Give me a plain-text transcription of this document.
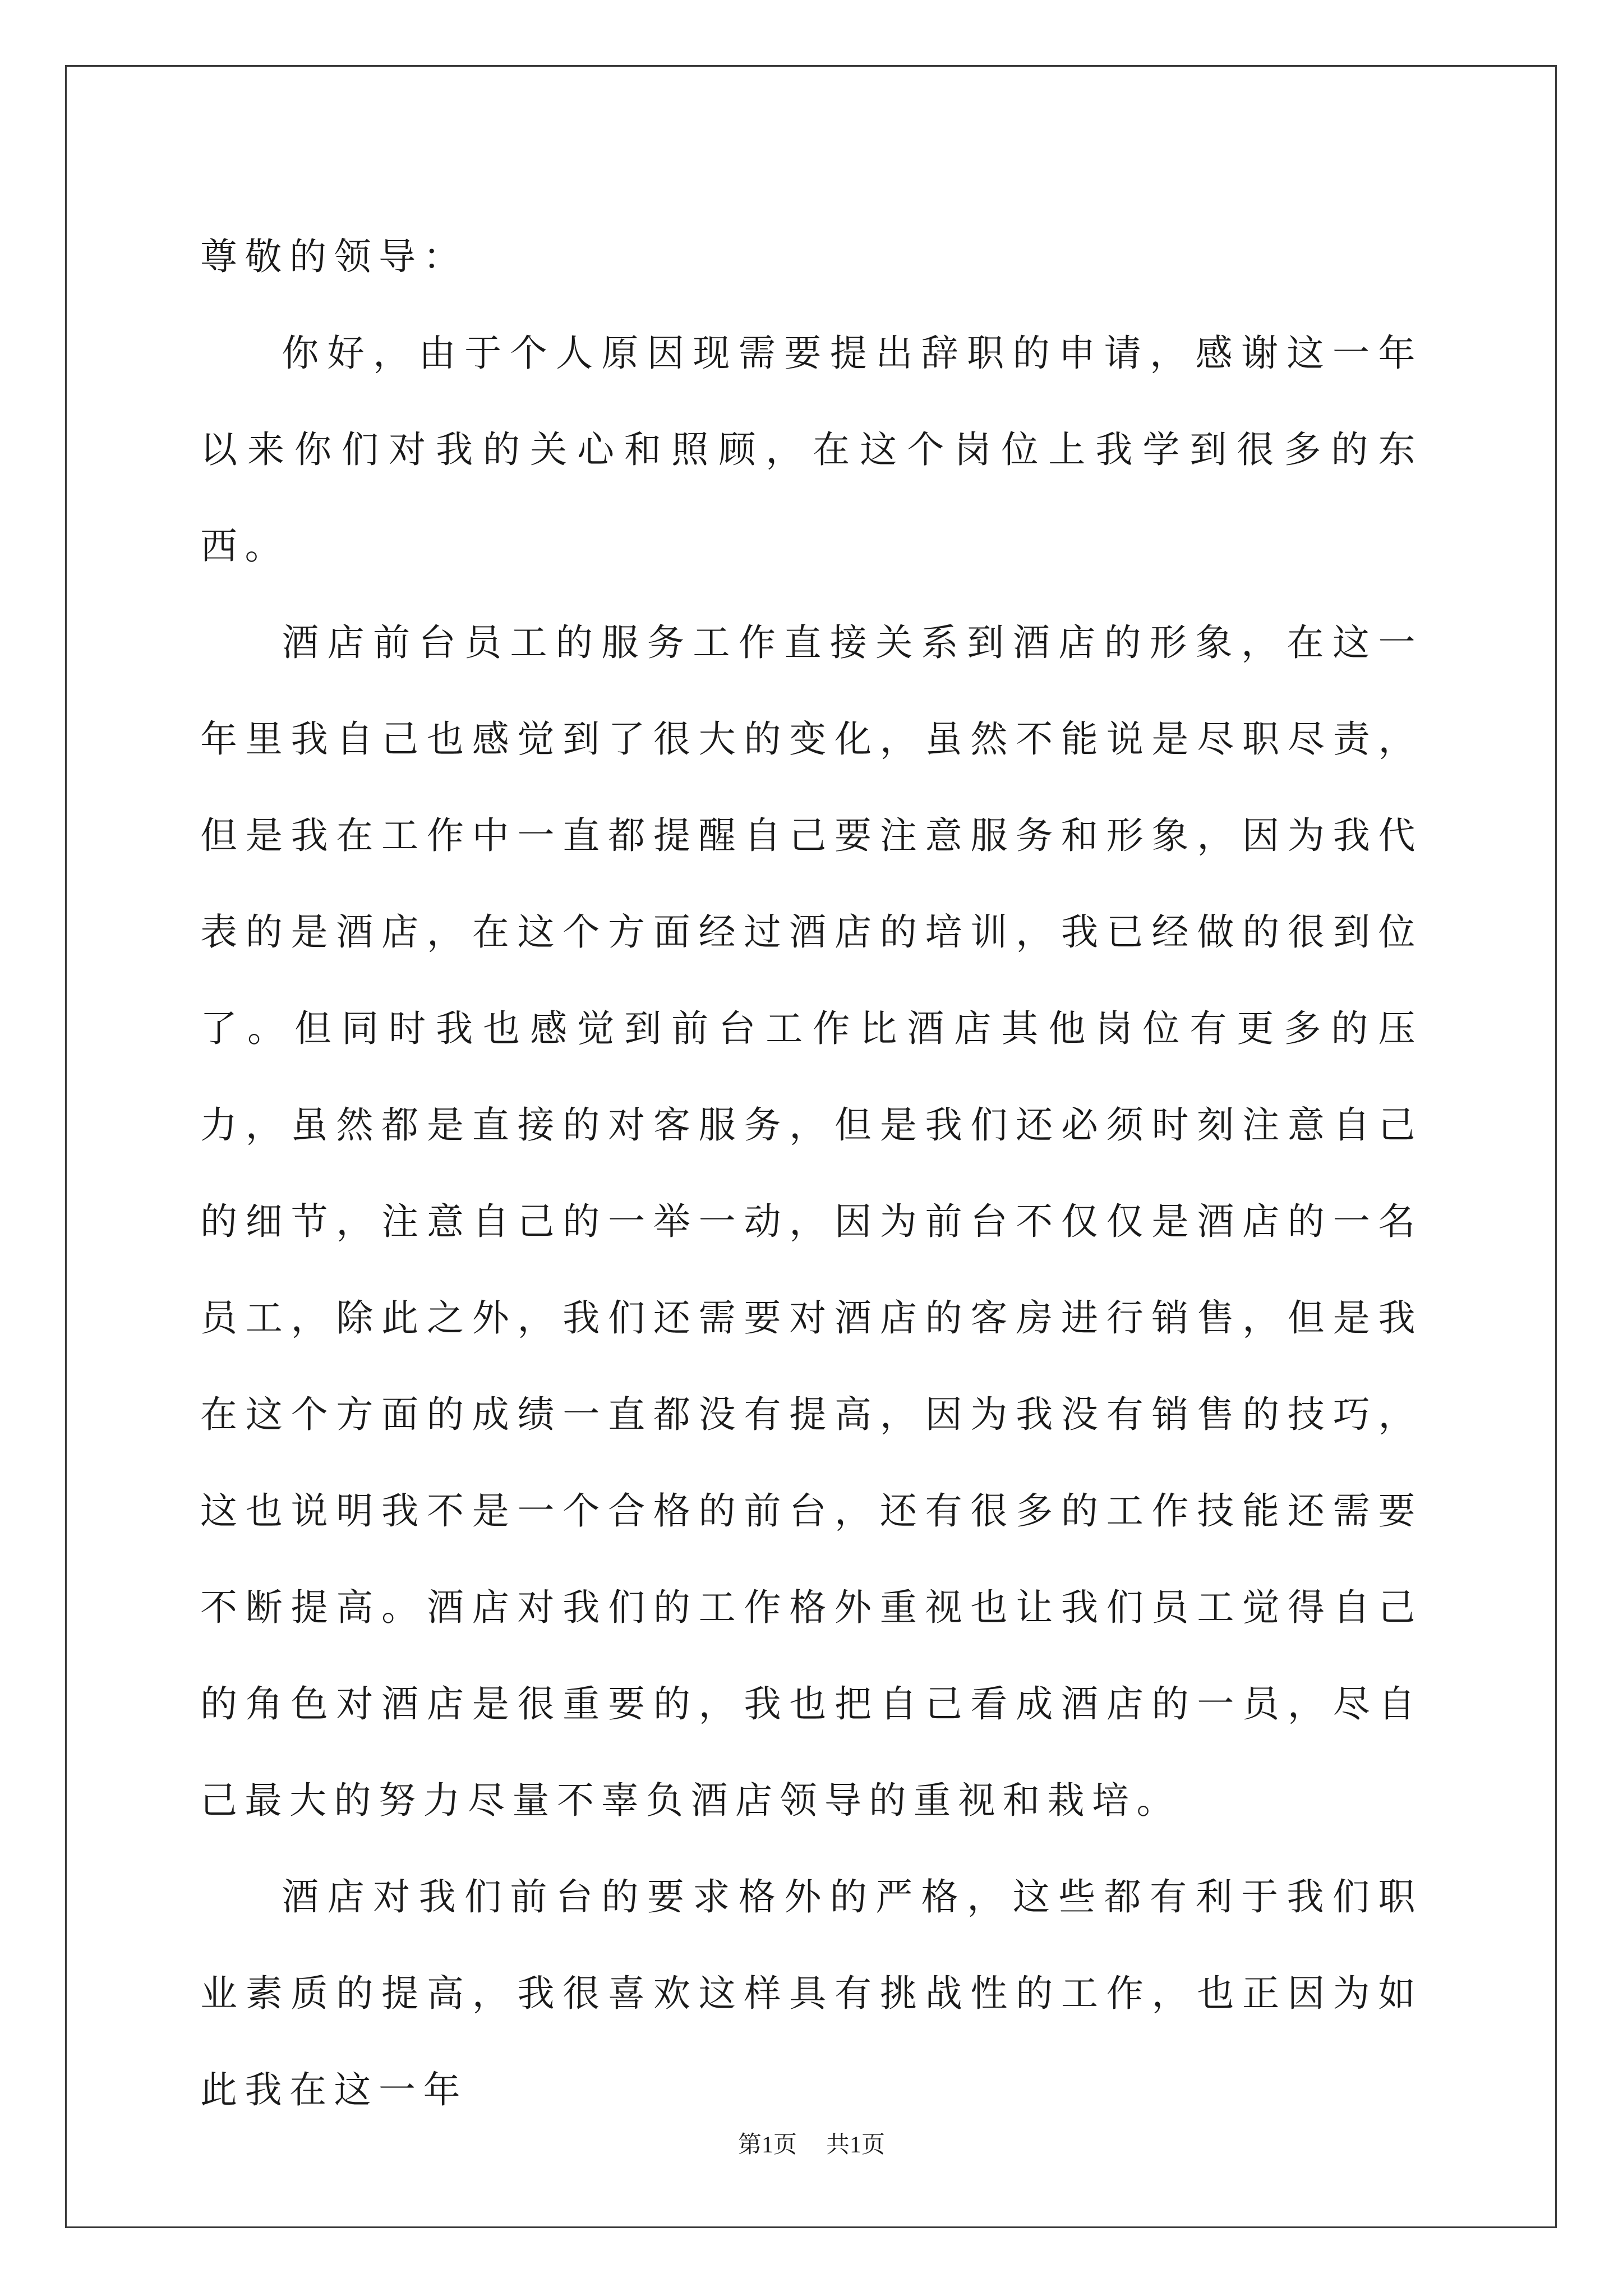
尊敬的领导：

你好，由于个人原因现需要提出辞职的申请，感谢这一年以来你们对我的关心和照顾，在这个岗位上我学到很多的东西。

酒店前台员工的服务工作直接关系到酒店的形象，在这一年里我自己也感觉到了很大的变化，虽然不能说是尽职尽责，但是我在工作中一直都提醒自己要注意服务和形象，因为我代表的是酒店，在这个方面经过酒店的培训，我已经做的很到位了。但同时我也感觉到前台工作比酒店其他岗位有更多的压力，虽然都是直接的对客服务，但是我们还必须时刻注意自己的细节，注意自己的一举一动，因为前台不仅仅是酒店的一名员工，除此之外，我们还需要对酒店的客房进行销售，但是我在这个方面的成绩一直都没有提高，因为我没有销售的技巧，这也说明我不是一个合格的前台，还有很多的工作技能还需要不断提高。酒店对我们的工作格外重视也让我们员工觉得自己的角色对酒店是很重要的，我也把自己看成酒店的一员，尽自己最大的努力尽量不辜负酒店领导的重视和栽培。

酒店对我们前台的要求格外的严格，这些都有利于我们职业素质的提高，我很喜欢这样具有挑战性的工作，也正因为如此我在这一年

第1页 共1页
